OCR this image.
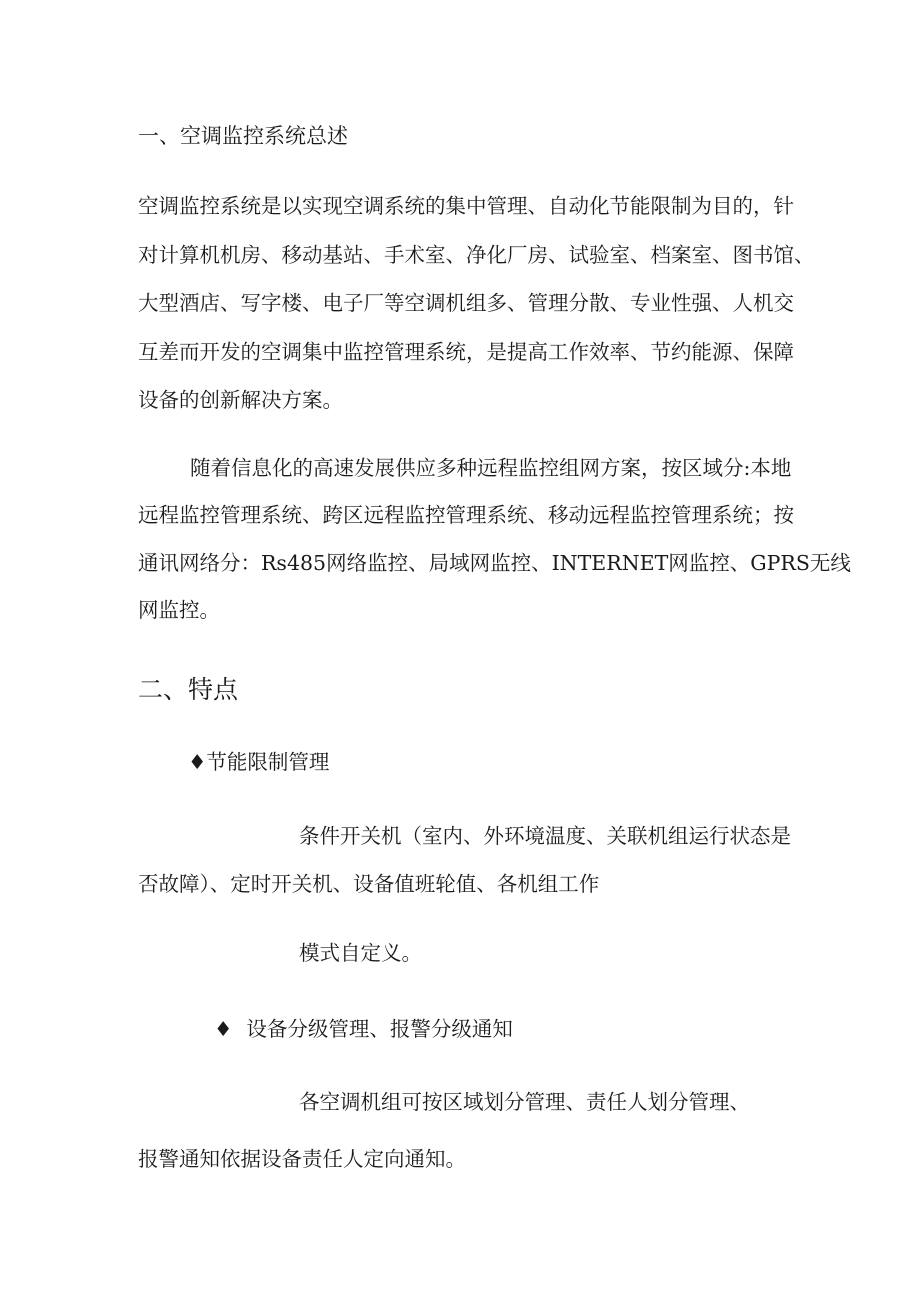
一、空调监控系统总述
空调监控系统是以实现空调系统的集中管理、自动化节能限制为目的，针
对计算机机房、移动基站、手术室、净化厂房、试验室、档案室、图书馆、
大型酒店、写字楼、电子厂等空调机组多、管理分散、专业性强、人机交
互差而开发的空调集中监控管理系统，是提高工作效率、节约能源、保障
设备的创新解决方案。
随着信息化的高速发展供应多种远程监控组网方案，按区域分:本地
远程监控管理系统、跨区远程监控管理系统、移动远程监控管理系统；按
通讯网络分：Rs485网络监控、局域网监控、INTERNET网监控、GPRS无线
网监控。
二、特点
♦节能限制管理
条件开关机（室内、外环境温度、关联机组运行状态是
否故障）、定时开关机、设备值班轮值、各机组工作
模式自定义。
♦ 设备分级管理、报警分级通知
各空调机组可按区域划分管理、责任人划分管理、
报警通知依据设备责任人定向通知。
